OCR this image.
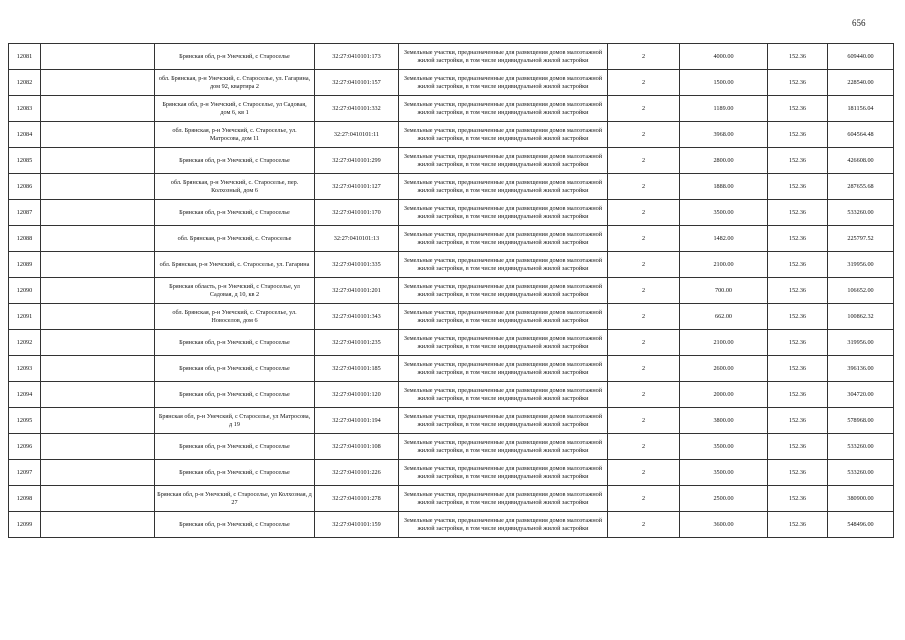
656
12081		Брянская обл, р-н Унечский, с Староселье	32:27:0410101:173	Земельные участки, предназначенные для размещения домов малоэтажной жилой застройки, в том числе индивидуальной жилой застройки	2	4000.00	152.36	609440.00
12082		обл. Брянская, р-н Унечский, с. Староселье, ул. Гагарина, дом 92, квартира 2	32:27:0410101:157	Земельные участки, предназначенные для размещения домов малоэтажной жилой застройки, в том числе индивидуальной жилой застройки	2	1500.00	152.36	228540.00
12083		Брянская обл, р-н Унечский, с Староселье, ул Садовая, дом 6, кв 1	32:27:0410101:332	Земельные участки, предназначенные для размещения домов малоэтажной жилой застройки, в том числе индивидуальной жилой застройки	2	1189.00	152.36	181156.04
12084		обл. Брянская, р-н Унечский, с. Староселье, ул. Матросова, дом 11	32:27:0410101:11	Земельные участки, предназначенные для размещения домов малоэтажной жилой застройки, в том числе индивидуальной жилой застройки	2	3968.00	152.36	604564.48
12085		Брянская обл, р-н Унечский, с Староселье	32:27:0410101:299	Земельные участки, предназначенные для размещения домов малоэтажной жилой застройки, в том числе индивидуальной жилой застройки	2	2800.00	152.36	426608.00
12086		обл. Брянская, р-н Унечский, с. Староселье, пер. Колхозный, дом 6	32:27:0410101:127	Земельные участки, предназначенные для размещения домов малоэтажной жилой застройки, в том числе индивидуальной жилой застройки	2	1888.00	152.36	287655.68
12087		Брянская обл, р-н Унечский, с Староселье	32:27:0410101:170	Земельные участки, предназначенные для размещения домов малоэтажной жилой застройки, в том числе индивидуальной жилой застройки	2	3500.00	152.36	533260.00
12088		обл. Брянская, р-н Унечский, с. Староселье	32:27:0410101:13	Земельные участки, предназначенные для размещения домов малоэтажной жилой застройки, в том числе индивидуальной жилой застройки	2	1482.00	152.36	225797.52
12089		обл. Брянская, р-н Унечский, с. Староселье, ул. Гагарина	32:27:0410101:335	Земельные участки, предназначенные для размещения домов малоэтажной жилой застройки, в том числе индивидуальной жилой застройки	2	2100.00	152.36	319956.00
12090		Брянская область, р-н Унечский, с Староселье, ул Садовая, д 10, кв 2	32:27:0410101:201	Земельные участки, предназначенные для размещения домов малоэтажной жилой застройки, в том числе индивидуальной жилой застройки	2	700.00	152.36	106652.00
12091		обл. Брянская, р-н Унечский, с. Староселье, ул. Новоселов, дом 6	32:27:0410101:343	Земельные участки, предназначенные для размещения домов малоэтажной жилой застройки, в том числе индивидуальной жилой застройки	2	662.00	152.36	100862.32
12092		Брянская обл, р-н Унечский, с Староселье	32:27:0410101:235	Земельные участки, предназначенные для размещения домов малоэтажной жилой застройки, в том числе индивидуальной жилой застройки	2	2100.00	152.36	319956.00
12093		Брянская обл, р-н Унечский, с Староселье	32:27:0410101:185	Земельные участки, предназначенные для размещения домов малоэтажной жилой застройки, в том числе индивидуальной жилой застройки	2	2600.00	152.36	396136.00
12094		Брянская обл, р-н Унечский, с Староселье	32:27:0410101:120	Земельные участки, предназначенные для размещения домов малоэтажной жилой застройки, в том числе индивидуальной жилой застройки	2	2000.00	152.36	304720.00
12095		Брянская обл, р-н Унечский, с Староселье, ул Матросова, д 19	32:27:0410101:194	Земельные участки, предназначенные для размещения домов малоэтажной жилой застройки, в том числе индивидуальной жилой застройки	2	3800.00	152.36	578968.00
12096		Брянская обл, р-н Унечский, с Староселье	32:27:0410101:108	Земельные участки, предназначенные для размещения домов малоэтажной жилой застройки, в том числе индивидуальной жилой застройки	2	3500.00	152.36	533260.00
12097		Брянская обл, р-н Унечский, с Староселье	32:27:0410101:226	Земельные участки, предназначенные для размещения домов малоэтажной жилой застройки, в том числе индивидуальной жилой застройки	2	3500.00	152.36	533260.00
12098		Брянская обл, р-н Унечский, с Староселье, ул Колхозная, д 27	32:27:0410101:278	Земельные участки, предназначенные для размещения домов малоэтажной жилой застройки, в том числе индивидуальной жилой застройки	2	2500.00	152.36	380900.00
12099		Брянская обл, р-н Унечский, с Староселье	32:27:0410101:159	Земельные участки, предназначенные для размещения домов малоэтажной жилой застройки, в том числе индивидуальной жилой застройки	2	3600.00	152.36	548496.00
